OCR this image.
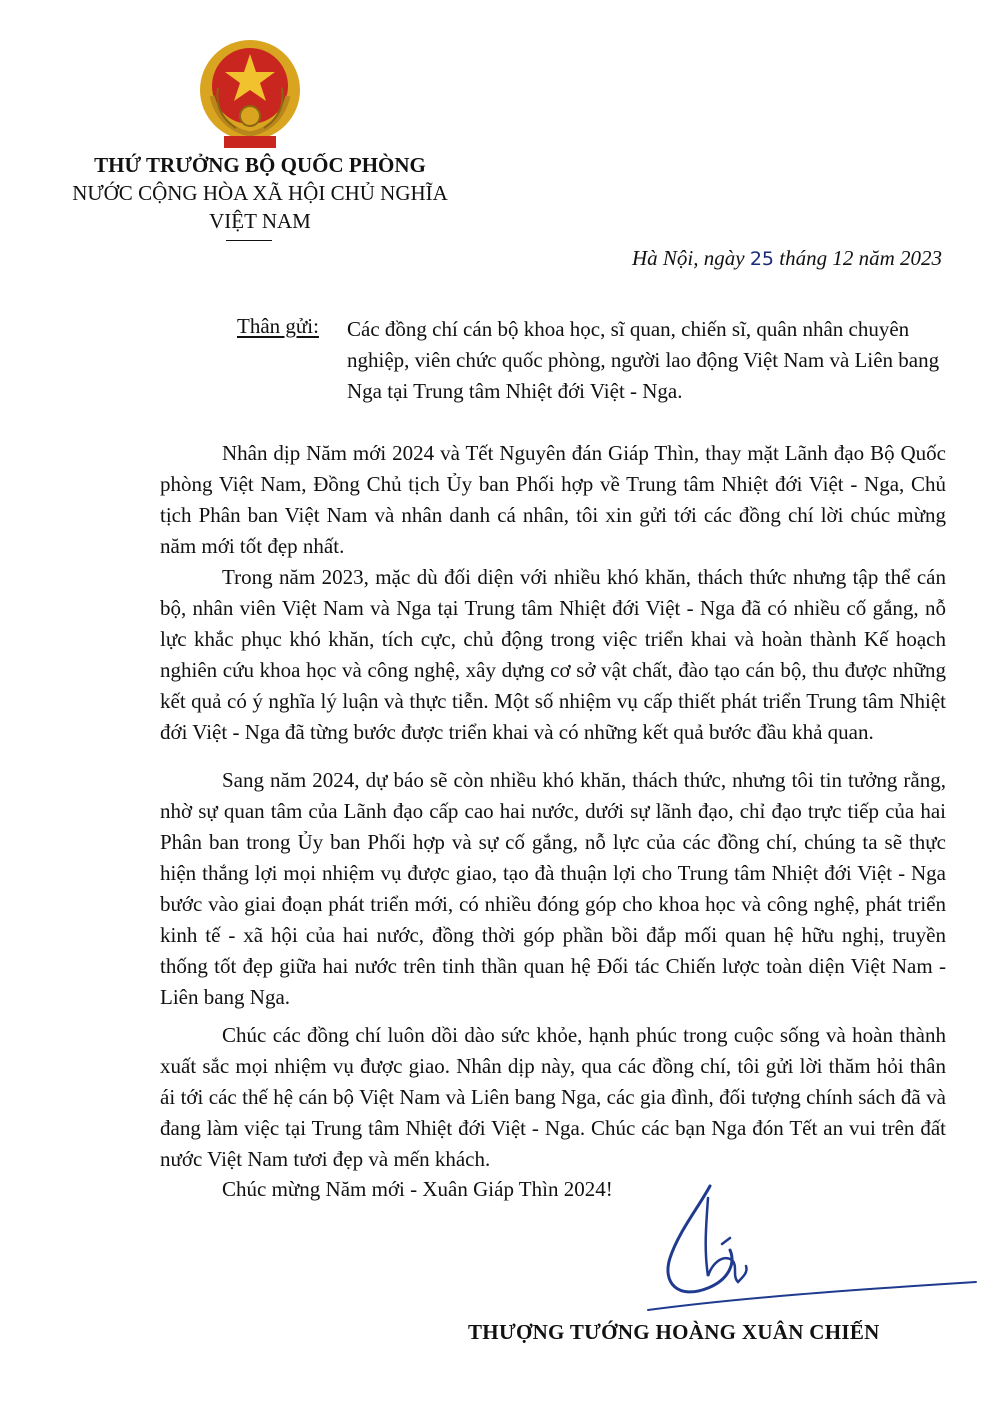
THỨ TRƯỞNG BỘ QUỐC PHÒNG
NƯỚC CỘNG HÒA XÃ HỘI CHỦ NGHĨA
VIỆT NAM
Hà Nội, ngày 25 tháng 12 năm 2023
Thân gửi: Các đồng chí cán bộ khoa học, sĩ quan, chiến sĩ, quân nhân chuyên nghiệp, viên chức quốc phòng, người lao động Việt Nam và Liên bang Nga tại Trung tâm Nhiệt đới Việt - Nga.

Nhân dịp Năm mới 2024 và Tết Nguyên đán Giáp Thìn, thay mặt Lãnh đạo Bộ Quốc phòng Việt Nam, Đồng Chủ tịch Ủy ban Phối hợp về Trung tâm Nhiệt đới Việt - Nga, Chủ tịch Phân ban Việt Nam và nhân danh cá nhân, tôi xin gửi tới các đồng chí lời chúc mừng năm mới tốt đẹp nhất.

Trong năm 2023, mặc dù đối diện với nhiều khó khăn, thách thức nhưng tập thể cán bộ, nhân viên Việt Nam và Nga tại Trung tâm Nhiệt đới Việt - Nga đã có nhiều cố gắng, nỗ lực khắc phục khó khăn, tích cực, chủ động trong việc triển khai và hoàn thành Kế hoạch nghiên cứu khoa học và công nghệ, xây dựng cơ sở vật chất, đào tạo cán bộ, thu được những kết quả có ý nghĩa lý luận và thực tiễn. Một số nhiệm vụ cấp thiết phát triển Trung tâm Nhiệt đới Việt - Nga đã từng bước được triển khai và có những kết quả bước đầu khả quan.

Sang năm 2024, dự báo sẽ còn nhiều khó khăn, thách thức, nhưng tôi tin tưởng rằng, nhờ sự quan tâm của Lãnh đạo cấp cao hai nước, dưới sự lãnh đạo, chỉ đạo trực tiếp của hai Phân ban trong Ủy ban Phối hợp và sự cố gắng, nỗ lực của các đồng chí, chúng ta sẽ thực hiện thắng lợi mọi nhiệm vụ được giao, tạo đà thuận lợi cho Trung tâm Nhiệt đới Việt - Nga bước vào giai đoạn phát triển mới, có nhiều đóng góp cho khoa học và công nghệ, phát triển kinh tế - xã hội của hai nước, đồng thời góp phần bồi đắp mối quan hệ hữu nghị, truyền thống tốt đẹp giữa hai nước trên tinh thần quan hệ Đối tác Chiến lược toàn diện Việt Nam - Liên bang Nga.

Chúc các đồng chí luôn dồi dào sức khỏe, hạnh phúc trong cuộc sống và hoàn thành xuất sắc mọi nhiệm vụ được giao. Nhân dịp này, qua các đồng chí, tôi gửi lời thăm hỏi thân ái tới các thế hệ cán bộ Việt Nam và Liên bang Nga, các gia đình, đối tượng chính sách đã và đang làm việc tại Trung tâm Nhiệt đới Việt - Nga. Chúc các bạn Nga đón Tết an vui trên đất nước Việt Nam tươi đẹp và mến khách.

Chúc mừng Năm mới - Xuân Giáp Thìn 2024!

THƯỢNG TƯỚNG HOÀNG XUÂN CHIẾN
